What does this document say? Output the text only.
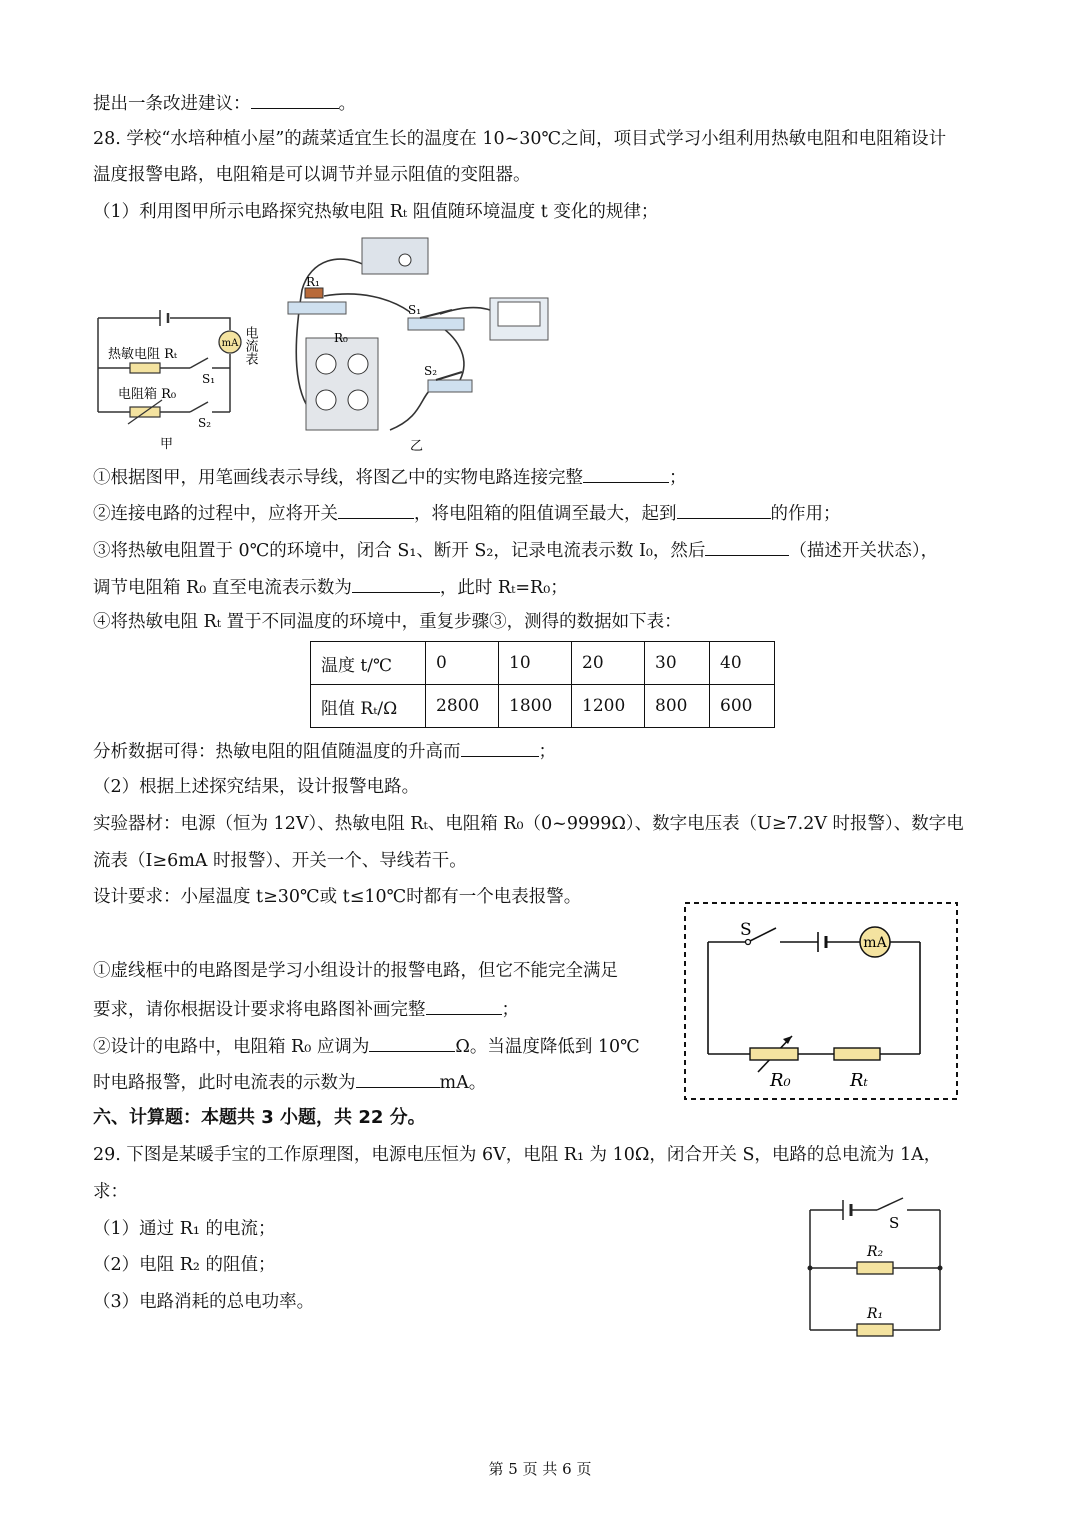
提出一条改进建议：	。
28. 学校“水培种植小屋”的蔬菜适宜生长的温度在 10~30℃之间，项目式学习小组利用热敏电阻和电阻箱设计
温度报警电路，电阻箱是可以调节并显示阻值的变阻器。
（1）利用图甲所示电路探究热敏电阻 Rₜ 阻值随环境温度 t 变化的规律；
①根据图甲，用笔画线表示导线，将图乙中的实物电路连接完整	；
②连接电路的过程中，应将开关	，将电阻箱的阻值调至最大，起到	的作用；
③将热敏电阻置于 0℃的环境中，闭合 S₁、断开 S₂，记录电流表示数 I₀，然后	（描述开关状态），
调节电阻箱 R₀ 直至电流表示数为	，此时 Rₜ=R₀；
④将热敏电阻 Rₜ 置于不同温度的环境中，重复步骤③，测得的数据如下表：
温度 t/℃	0	10	20	30	40
阻值 Rₜ/Ω	2800	1800	1200	800	600
分析数据可得：热敏电阻的阻值随温度的升高而	；
（2）根据上述探究结果，设计报警电路。
实验器材：电源（恒为 12V）、热敏电阻 Rₜ、电阻箱 R₀（0~9999Ω）、数字电压表（U≥7.2V 时报警）、数字电
流表（I≥6mA 时报警）、开关一个、导线若干。
设计要求：小屋温度 t≥30℃或 t≤10℃时都有一个电表报警。
①虚线框中的电路图是学习小组设计的报警电路，但它不能完全满足
要求，请你根据设计要求将电路图补画完整	；
②设计的电路中，电阻箱 R₀ 应调为	Ω。当温度降低到 10℃
时电路报警，此时电流表的示数为	mA。
六、计算题：本题共 3 小题，共 22 分。
29. 下图是某暖手宝的工作原理图，电源电压恒为 6V，电阻 R₁ 为 10Ω，闭合开关 S，电路的总电流为 1A，
求：
（1）通过 R₁ 的电流；
（2）电阻 R₂ 的阻值；
（3）电路消耗的总电功率。
mA
热敏电阻 Rₜ
电阻箱 R₀
S₁
S₂
电流表
甲
R₁
S₁
S₂
R₀
乙
mA
S
R₀	Rₜ
S
R₂
R₁
第 5 页 共 6 页
